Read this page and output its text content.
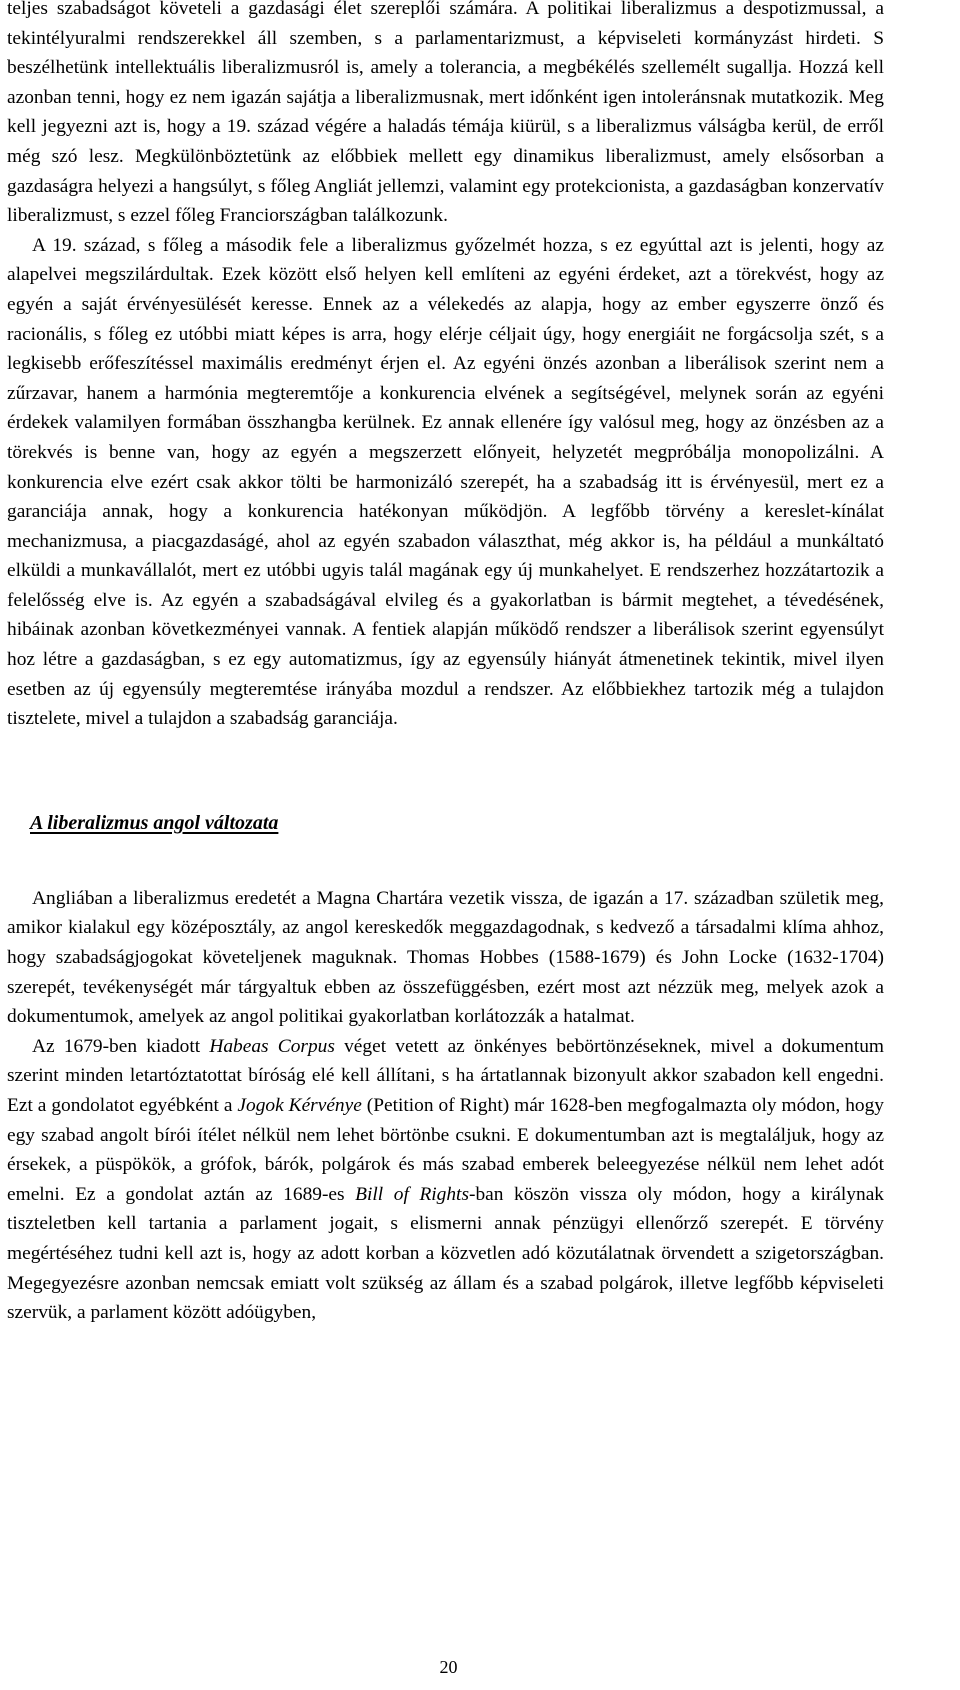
teljes szabadságot követeli a gazdasági élet szereplői számára. A politikai liberalizmus a despotizmussal, a tekintélyuralmi rendszerekkel áll szemben, s a parlamentarizmust, a képviseleti kormányzást hirdeti. S beszélhetünk intellektuális liberalizmusról is, amely a tolerancia, a megbékélés szellemélt sugallja. Hozzá kell azonban tenni, hogy ez nem igazán sajátja a liberalizmusnak, mert időnként igen intoleránsnak mutatkozik. Meg kell jegyezni azt is, hogy a 19. század végére a haladás témája kiürül, s a liberalizmus válságba kerül, de erről még szó lesz. Megkülönböztetünk az előbbiek mellett egy dinamikus liberalizmust, amely elsősorban a gazdaságra helyezi a hangsúlyt, s főleg Angliát jellemzi, valamint egy protekcionista, a gazdaságban konzervatív liberalizmust, s ezzel főleg Franciországban találkozunk.

A 19. század, s főleg a második fele a liberalizmus győzelmét hozza, s ez egyúttal azt is jelenti, hogy az alapelvei megszilárdultak. Ezek között első helyen kell említeni az egyéni érdeket, azt a törekvést, hogy az egyén a saját érvényesülését keresse. Ennek az a vélekedés az alapja, hogy az ember egyszerre önző és racionális, s főleg ez utóbbi miatt képes is arra, hogy elérje céljait úgy, hogy energiáit ne forgácsolja szét, s a legkisebb erőfeszítéssel maximális eredményt érjen el. Az egyéni önzés azonban a liberálisok szerint nem a zűrzavar, hanem a harmónia megteremtője a konkurencia elvének a segítségével, melynek során az egyéni érdekek valamilyen formában összhangba kerülnek. Ez annak ellenére így valósul meg, hogy az önzésben az a törekvés is benne van, hogy az egyén a megszerzett előnyeit, helyzetét megpróbálja monopolizálni. A konkurencia elve ezért csak akkor tölti be harmonizáló szerepét, ha a szabadság itt is érvényesül, mert ez a garanciája annak, hogy a konkurencia hatékonyan működjön. A legfőbb törvény a kereslet-kínálat mechanizmusa, a piacgazdaságé, ahol az egyén szabadon választhat, még akkor is, ha például a munkáltató elküldi a munkavállalót, mert ez utóbbi ugyis talál magának egy új munkahelyet. E rendszerhez hozzátartozik a felelősség elve is. Az egyén a szabadságával elvileg és a gyakorlatban is bármit megtehet, a tévedésének, hibáinak azonban következményei vannak. A fentiek alapján működő rendszer a liberálisok szerint egyensúlyt hoz létre a gazdaságban, s ez egy automatizmus, így az egyensúly hiányát átmenetinek tekintik, mivel ilyen esetben az új egyensúly megteremtése irányába mozdul a rendszer. Az előbbiekhez tartozik még a tulajdon tisztelete, mivel a tulajdon a szabadság garanciája.

A liberalizmus angol változata

Angliában a liberalizmus eredetét a Magna Chartára vezetik vissza, de igazán a 17. században születik meg, amikor kialakul egy középosztály, az angol kereskedők meggazdagodnak, s kedvező a társadalmi klíma ahhoz, hogy szabadságjogokat követeljenek maguknak. Thomas Hobbes (1588-1679) és John Locke (1632-1704) szerepét, tevékenységét már tárgyaltuk ebben az összefüggésben, ezért most azt nézzük meg, melyek azok a dokumentumok, amelyek az angol politikai gyakorlatban korlátozzák a hatalmat.

Az 1679-ben kiadott Habeas Corpus véget vetett az önkényes bebörtönzéseknek, mivel a dokumentum szerint minden letartóztatottat bíróság elé kell állítani, s ha ártatlannak bizonyult akkor szabadon kell engedni. Ezt a gondolatot egyébként a Jogok Kérvénye (Petition of Right) már 1628-ben megfogalmazta oly módon, hogy egy szabad angolt bírói ítélet nélkül nem lehet börtönbe csukni. E dokumentumban azt is megtaláljuk, hogy az érsekek, a püspökök, a grófok, bárók, polgárok és más szabad emberek beleegyezése nélkül nem lehet adót emelni. Ez a gondolat aztán az 1689-es Bill of Rights-ban köszön vissza oly módon, hogy a királynak tiszteletben kell tartania a parlament jogait, s elismerni annak pénzügyi ellenőrző szerepét. E törvény megértéséhez tudni kell azt is, hogy az adott korban a közvetlen adó közutálatnak örvendett a szigetországban. Megegyezésre azonban nemcsak emiatt volt szükség az állam és a szabad polgárok, illetve legfőbb képviseleti szervük, a parlament között adóügyben,

20
